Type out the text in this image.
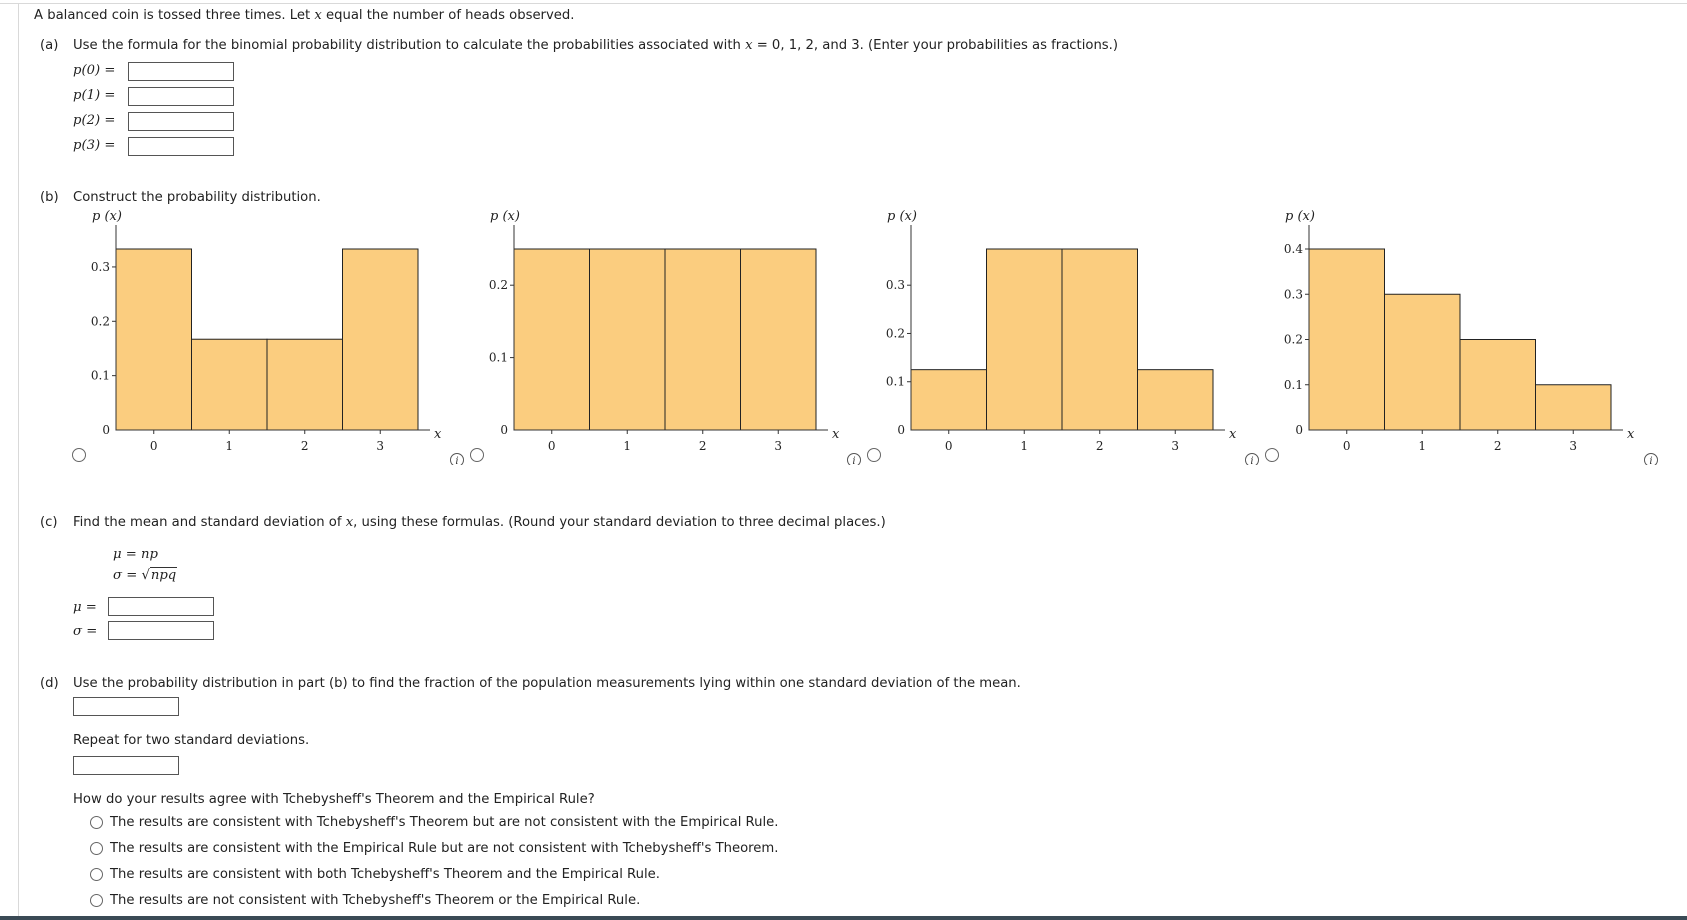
A balanced coin is tossed three times. Let x equal the number of heads observed.
(a) Use the formula for the binomial probability distribution to calculate the probabilities associated with x = 0, 1, 2, and 3. (Enter your probabilities as fractions.)
p(0) =
p(1) =
p(2) =
p(3) =
(b) Construct the probability distribution.
0.1
0.2
0.3
0
0	1	2	3
p (x)
x
i
0.1
0.2
0
0	1	2	3
p (x)
x
i
0.1
0.2
0.3
0
0	1	2	3
p (x)
x
i
0.1
0.2
0.3
0.4
0
0	1	2	3
p (x)
x
i
(c) Find the mean and standard deviation of x, using these formulas. (Round your standard deviation to three decimal places.)
μ = np
σ = √npq
μ =
σ =
(d) Use the probability distribution in part (b) to find the fraction of the population measurements lying within one standard deviation of the mean.
Repeat for two standard deviations.
How do your results agree with Tchebysheff's Theorem and the Empirical Rule?
The results are consistent with Tchebysheff's Theorem but are not consistent with the Empirical Rule.
The results are consistent with the Empirical Rule but are not consistent with Tchebysheff's Theorem.
The results are consistent with both Tchebysheff's Theorem and the Empirical Rule.
The results are not consistent with Tchebysheff's Theorem or the Empirical Rule.
